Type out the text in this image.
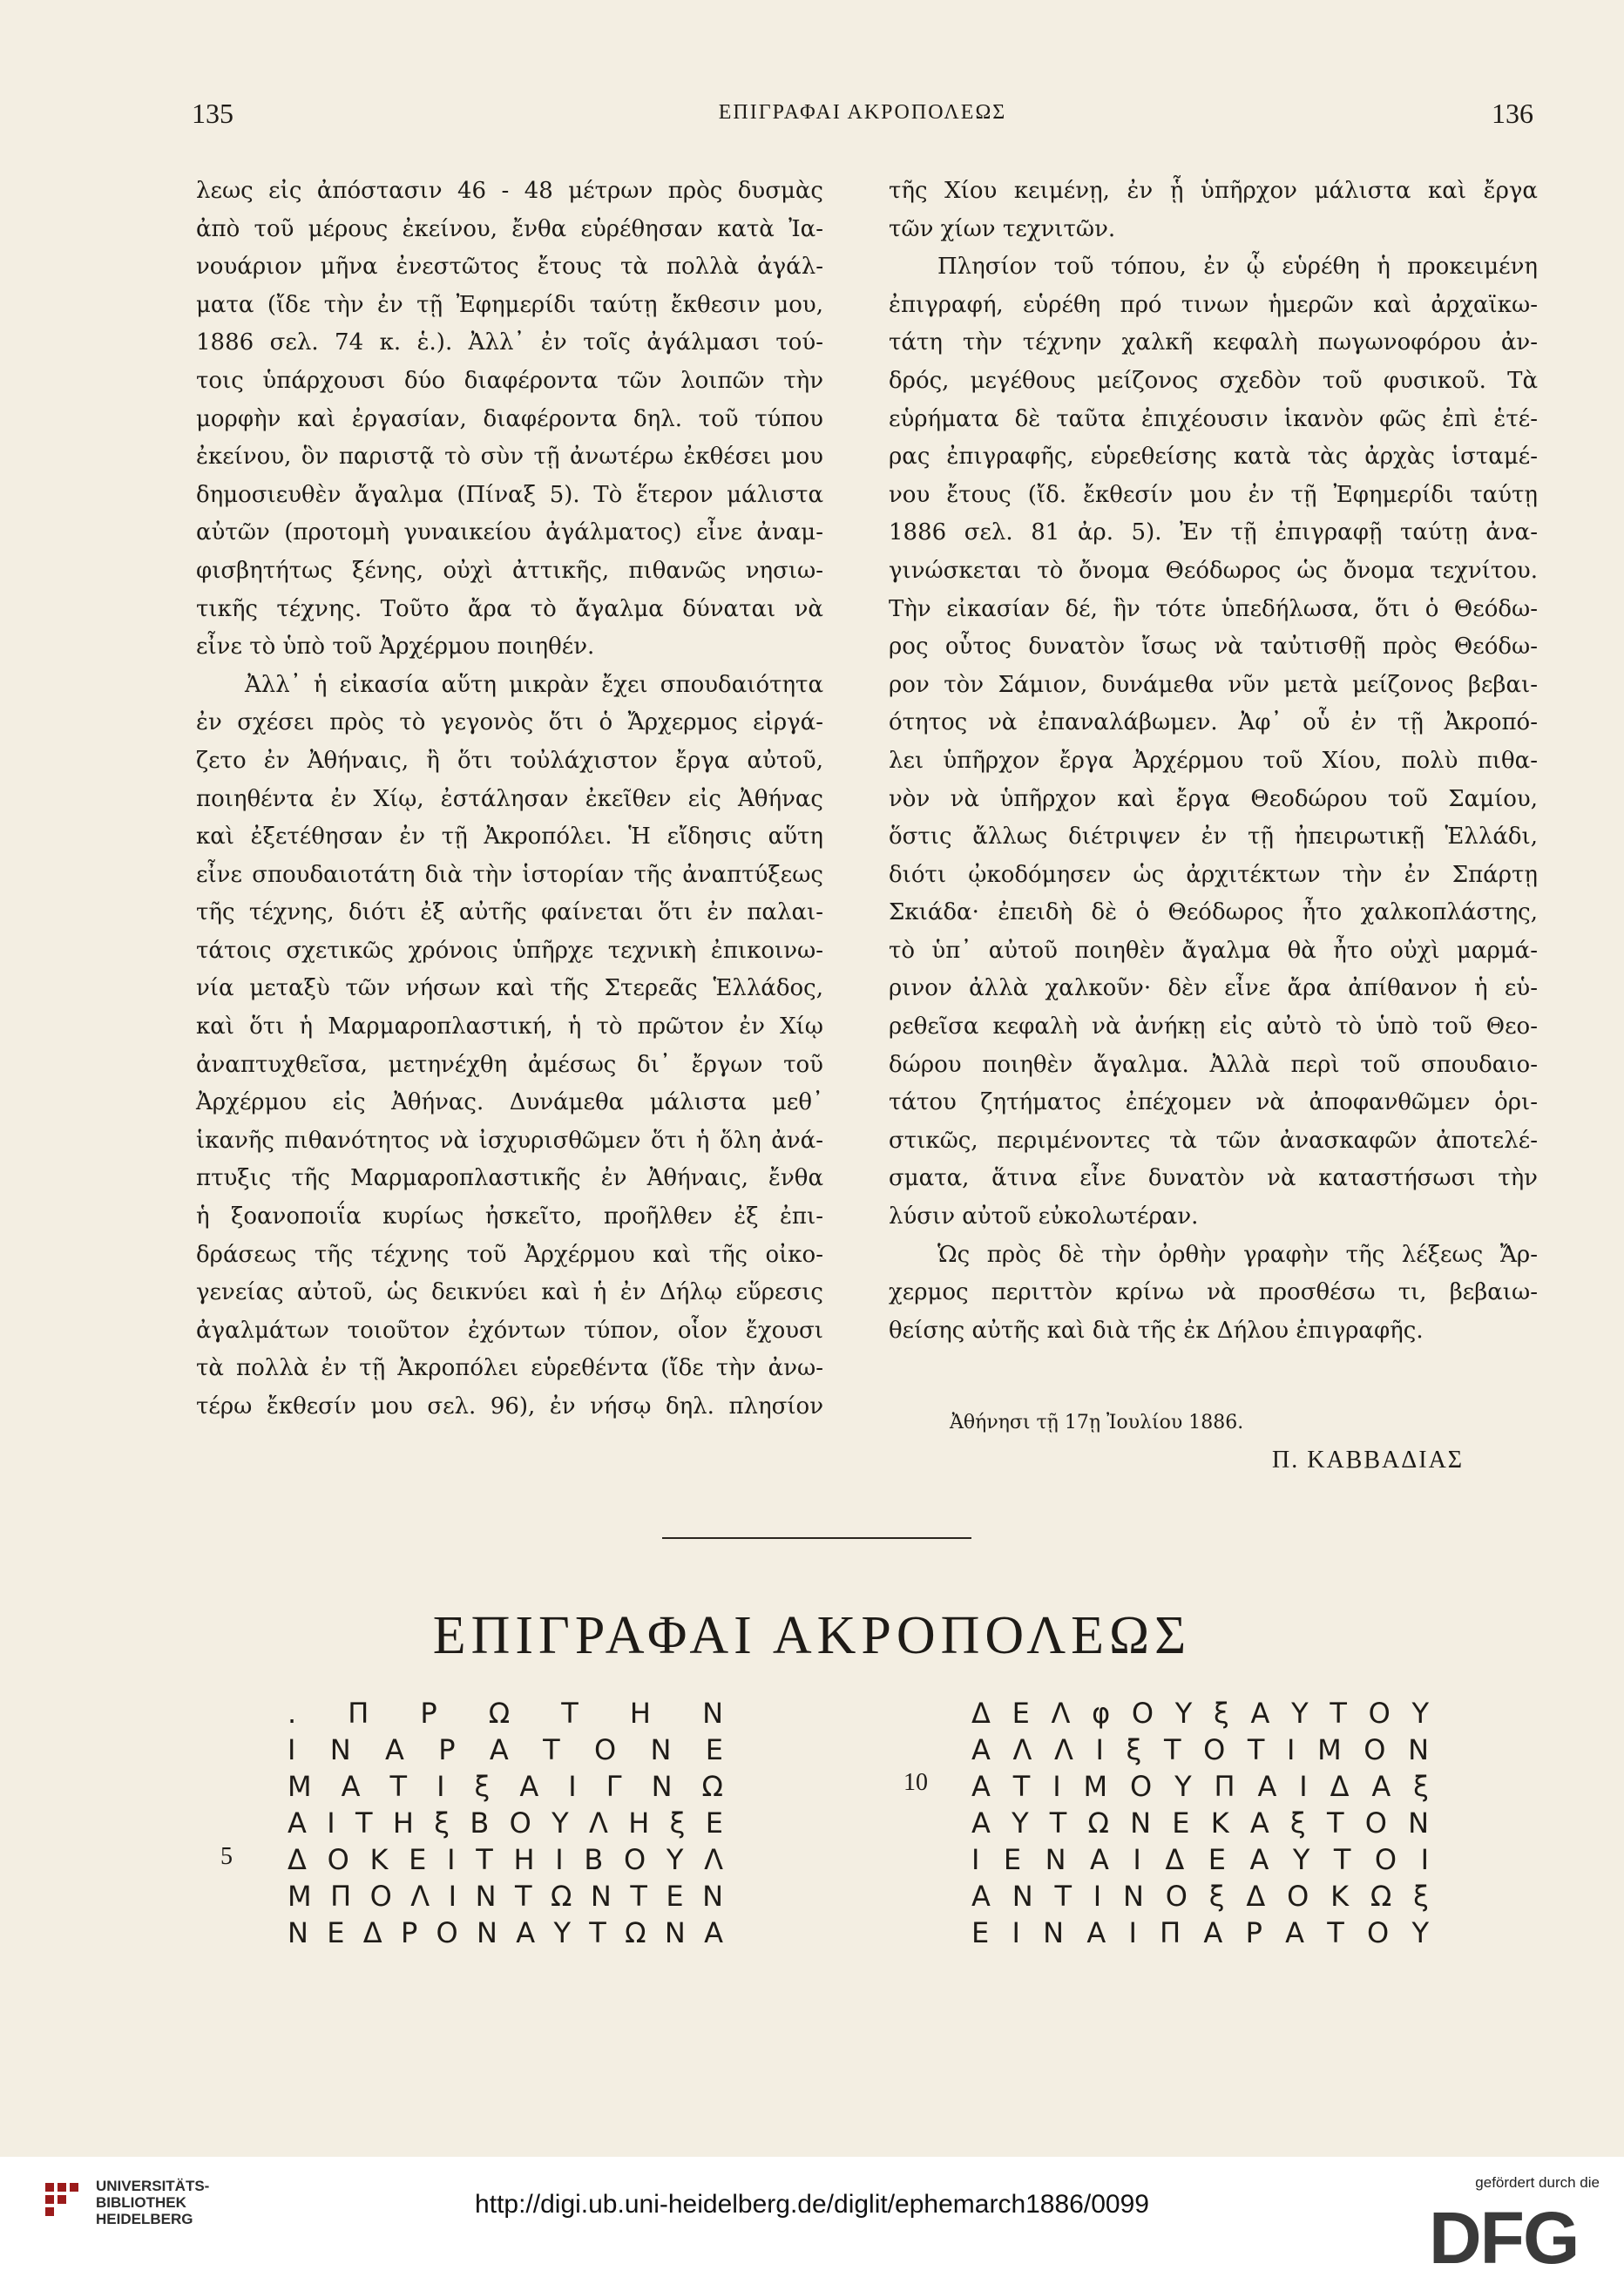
135	ΕΠΙΓΡΑΦΑΙ ΑΚΡΟΠΟΛΕΩΣ	136
λεως εἰς ἀπόστασιν 46 - 48 μέτρων πρὸς δυσμὰς
ἀπὸ τοῦ μέρους ἐκείνου, ἔνθα εὑρέθησαν κατὰ Ἰα-
νουάριον μῆνα ἐνεστῶτος ἔτους τὰ πολλὰ ἀγάλ-
ματα (ἴδε τὴν ἐν τῇ Ἐφημερίδι ταύτῃ ἔκθεσιν μου,
1886 σελ. 74 κ. ἑ.). Ἀλλ᾽ ἐν τοῖς ἀγάλμασι τού-
τοις ὑπάρχουσι δύο διαφέροντα τῶν λοιπῶν τὴν
μορφὴν καὶ ἐργασίαν, διαφέροντα δηλ. τοῦ τύπου
ἐκείνου, ὃν παριστᾷ τὸ σὺν τῇ ἀνωτέρω ἐκθέσει μου
δημοσιευθὲν ἄγαλμα (Πίναξ 5). Τὸ ἕτερον μάλιστα
αὐτῶν (προτομὴ γυναικείου ἀγάλματος) εἶνε ἀναμ-
φισβητήτως ξένης, οὐχὶ ἀττικῆς, πιθανῶς νησιω-
τικῆς τέχνης. Τοῦτο ἄρα τὸ ἄγαλμα δύναται νὰ
εἶνε τὸ ὑπὸ τοῦ Ἀρχέρμου ποιηθέν.
Ἀλλ᾽ ἡ εἰκασία αὕτη μικρὰν ἔχει σπουδαιότητα
ἐν σχέσει πρὸς τὸ γεγονὸς ὅτι ὁ Ἄρχερμος εἰργά-
ζετο ἐν Ἀθήναις, ἢ ὅτι τοὐλάχιστον ἔργα αὐτοῦ,
ποιηθέντα ἐν Χίῳ, ἐστάλησαν ἐκεῖθεν εἰς Ἀθήνας
καὶ ἐξετέθησαν ἐν τῇ Ἀκροπόλει. Ἡ εἴδησις αὕτη
εἶνε σπουδαιοτάτη διὰ τὴν ἱστορίαν τῆς ἀναπτύξεως
τῆς τέχνης, διότι ἐξ αὐτῆς φαίνεται ὅτι ἐν παλαι-
τάτοις σχετικῶς χρόνοις ὑπῆρχε τεχνικὴ ἐπικοινω-
νία μεταξὺ τῶν νήσων καὶ τῆς Στερεᾶς Ἑλλάδος,
καὶ ὅτι ἡ Μαρμαροπλαστική, ἡ τὸ πρῶτον ἐν Χίῳ
ἀναπτυχθεῖσα, μετηνέχθη ἀμέσως δι᾽ ἔργων τοῦ
Ἀρχέρμου εἰς Ἀθήνας. Δυνάμεθα μάλιστα μεθ᾽
ἱκανῆς πιθανότητος νὰ ἰσχυρισθῶμεν ὅτι ἡ ὅλη ἀνά-
πτυξις τῆς Μαρμαροπλαστικῆς ἐν Ἀθήναις, ἔνθα
ἡ ξοανοποιΐα κυρίως ἠσκεῖτο, προῆλθεν ἐξ ἐπι-
δράσεως τῆς τέχνης τοῦ Ἀρχέρμου καὶ τῆς οἰκο-
γενείας αὐτοῦ, ὡς δεικνύει καὶ ἡ ἐν Δήλῳ εὕρεσις
ἀγαλμάτων τοιοῦτον ἐχόντων τύπον, οἷον ἔχουσι
τὰ πολλὰ ἐν τῇ Ἀκροπόλει εὑρεθέντα (ἴδε τὴν ἀνω-
τέρω ἔκθεσίν μου σελ. 96), ἐν νήσῳ δηλ. πλησίον
τῆς Χίου κειμένῃ, ἐν ᾗ ὑπῆρχον μάλιστα καὶ ἔργα
τῶν χίων τεχνιτῶν.
Πλησίον τοῦ τόπου, ἐν ᾧ εὑρέθη ἡ προκειμένη
ἐπιγραφή, εὑρέθη πρό τινων ἡμερῶν καὶ ἀρχαϊκω-
τάτη τὴν τέχνην χαλκῆ κεφαλὴ πωγωνοφόρου ἀν-
δρός, μεγέθους μείζονος σχεδὸν τοῦ φυσικοῦ. Τὰ
εὑρήματα δὲ ταῦτα ἐπιχέουσιν ἱκανὸν φῶς ἐπὶ ἑτέ-
ρας ἐπιγραφῆς, εὑρεθείσης κατὰ τὰς ἀρχὰς ἱσταμέ-
νου ἔτους (ἴδ. ἔκθεσίν μου ἐν τῇ Ἐφημερίδι ταύτῃ
1886 σελ. 81 ἀρ. 5). Ἐν τῇ ἐπιγραφῇ ταύτῃ ἀνα-
γινώσκεται τὸ ὄνομα Θεόδωρος ὡς ὄνομα τεχνίτου.
Τὴν εἰκασίαν δέ, ἣν τότε ὑπεδήλωσα, ὅτι ὁ Θεόδω-
ρος οὗτος δυνατὸν ἴσως νὰ ταὐτισθῇ πρὸς Θεόδω-
ρον τὸν Σάμιον, δυνάμεθα νῦν μετὰ μείζονος βεβαι-
ότητος νὰ ἐπαναλάβωμεν. Ἀφ᾽ οὗ ἐν τῇ Ἀκροπό-
λει ὑπῆρχον ἔργα Ἀρχέρμου τοῦ Χίου, πολὺ πιθα-
νὸν νὰ ὑπῆρχον καὶ ἔργα Θεοδώρου τοῦ Σαμίου,
ὅστις ἄλλως διέτριψεν ἐν τῇ ἠπειρωτικῇ Ἑλλάδι,
διότι ᾠκοδόμησεν ὡς ἀρχιτέκτων τὴν ἐν Σπάρτῃ
Σκιάδα· ἐπειδὴ δὲ ὁ Θεόδωρος ἦτο χαλκοπλάστης,
τὸ ὑπ᾽ αὐτοῦ ποιηθὲν ἄγαλμα θὰ ἦτο οὐχὶ μαρμά-
ρινον ἀλλὰ χαλκοῦν· δὲν εἶνε ἄρα ἀπίθανον ἡ εὑ-
ρεθεῖσα κεφαλὴ νὰ ἀνήκῃ εἰς αὐτὸ τὸ ὑπὸ τοῦ Θεο-
δώρου ποιηθὲν ἄγαλμα. Ἀλλὰ περὶ τοῦ σπουδαιο-
τάτου ζητήματος ἐπέχομεν νὰ ἀποφανθῶμεν ὁρι-
στικῶς, περιμένοντες τὰ τῶν ἀνασκαφῶν ἀποτελέ-
σματα, ἅτινα εἶνε δυνατὸν νὰ καταστήσωσι τὴν
λύσιν αὐτοῦ εὐκολωτέραν.
Ὡς πρὸς δὲ τὴν ὀρθὴν γραφὴν τῆς λέξεως Ἄρ-
χερμος περιττὸν κρίνω νὰ προσθέσω τι, βεβαιω-
θείσης αὐτῆς καὶ διὰ τῆς ἐκ Δήλου ἐπιγραφῆς.
Ἀθήνησι τῇ 17ῃ Ἰουλίου 1886.
Π. ΚΑΒΒΑΔΙΑΣ
ΕΠΙΓΡΑΦΑΙ ΑΚΡΟΠΟΛΕΩΣ
. Π Ρ Ω Τ Η Ν
Ι Ν Α Ρ Α Τ Ο Ν Ε
Μ Α Τ Ι ξ Α Ι Γ Ν Ω
Α Ι Τ Η ξ Β Ο Υ Λ Η ξ Ε
Δ Ο Κ Ε Ι Τ Η Ι Β Ο Υ Λ
Μ Π Ο Λ Ι Ν Τ Ω Ν Τ Ε Ν
Ν Ε Δ Ρ Ο Ν Α Υ Τ Ω Ν Α
5
Δ Ε Λ φ Ο Υ ξ Α Υ Τ Ο Υ
Α Λ Λ Ι ξ Τ Ο Τ Ι Μ Ο Ν
Α Τ Ι Μ Ο Υ Π Α Ι Δ Α ξ
Α Υ Τ Ω Ν Ε Κ Α ξ Τ Ο Ν
Ι Ε Ν Α Ι Δ Ε Α Υ Τ Ο Ι
Α Ν Τ Ι Ν Ο ξ Δ Ο Κ Ω ξ
Ε Ι Ν Α Ι Π Α Ρ Α Τ Ο Υ
10
UNIVERSITÄTS-
BIBLIOTHEK
HEIDELBERG
http://digi.ub.uni-heidelberg.de/diglit/ephemarch1886/0099
gefördert durch die
DFG
